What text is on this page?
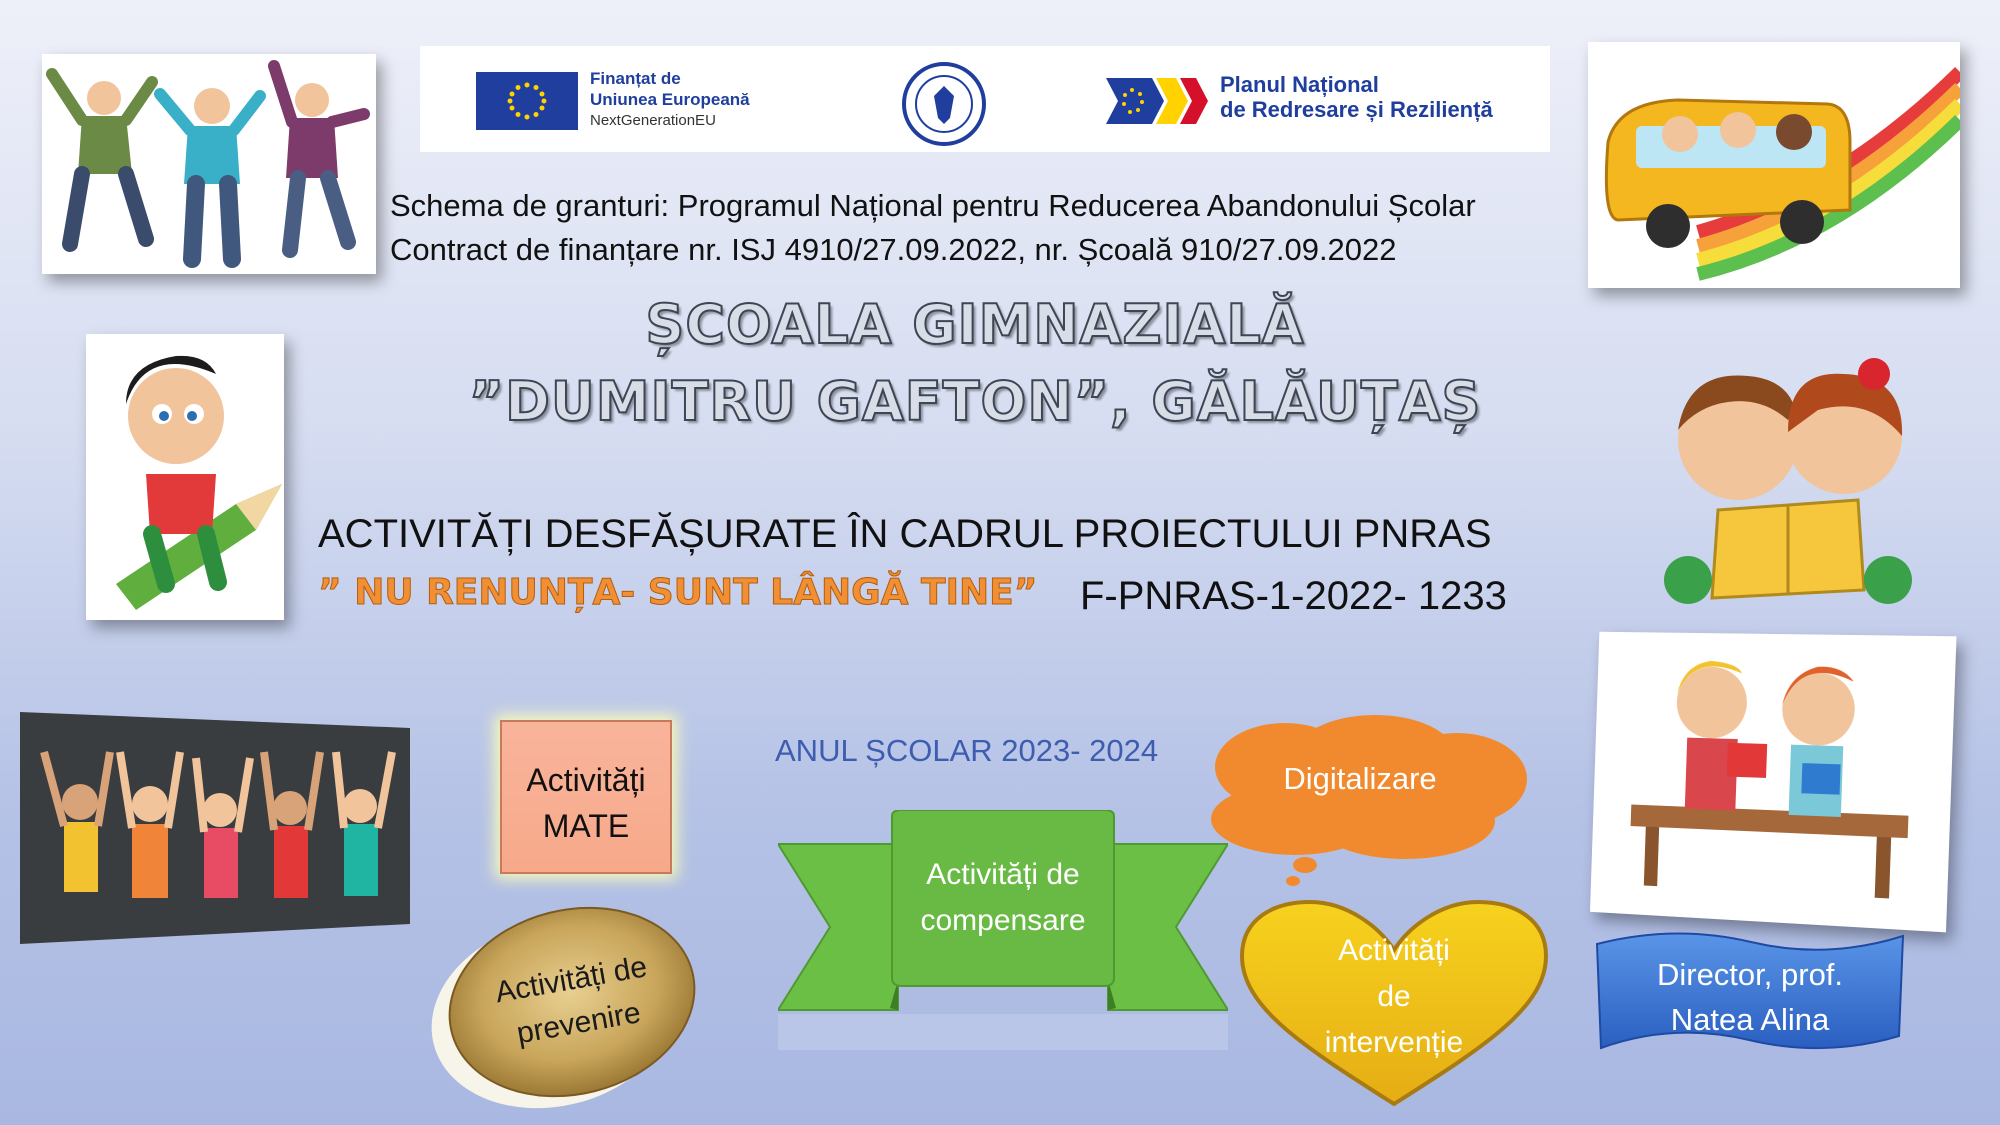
Finanțat de
Uniunea Europeană
NextGenerationEU
Planul Național
de Redresare și Reziliență
Schema de granturi: Programul Național pentru Reducerea Abandonului Școlar
Contract de finanțare nr. ISJ 4910/27.09.2022, nr. Școală 910/27.09.2022
ȘCOALA GIMNAZIALĂ
”DUMITRU GAFTON”, GĂLĂUȚAȘ
ACTIVITĂȚI DESFĂȘURATE ÎN CADRUL PROIECTULUI PNRAS
” NU RENUNȚA- SUNT LÂNGĂ TINE” F-PNRAS-1-2022- 1233
Activități
MATE
Activități de
prevenire
ANUL ȘCOLAR 2023- 2024
Activități de
compensare
Digitalizare
Activități
de
intervenție
Director, prof.
Natea Alina
